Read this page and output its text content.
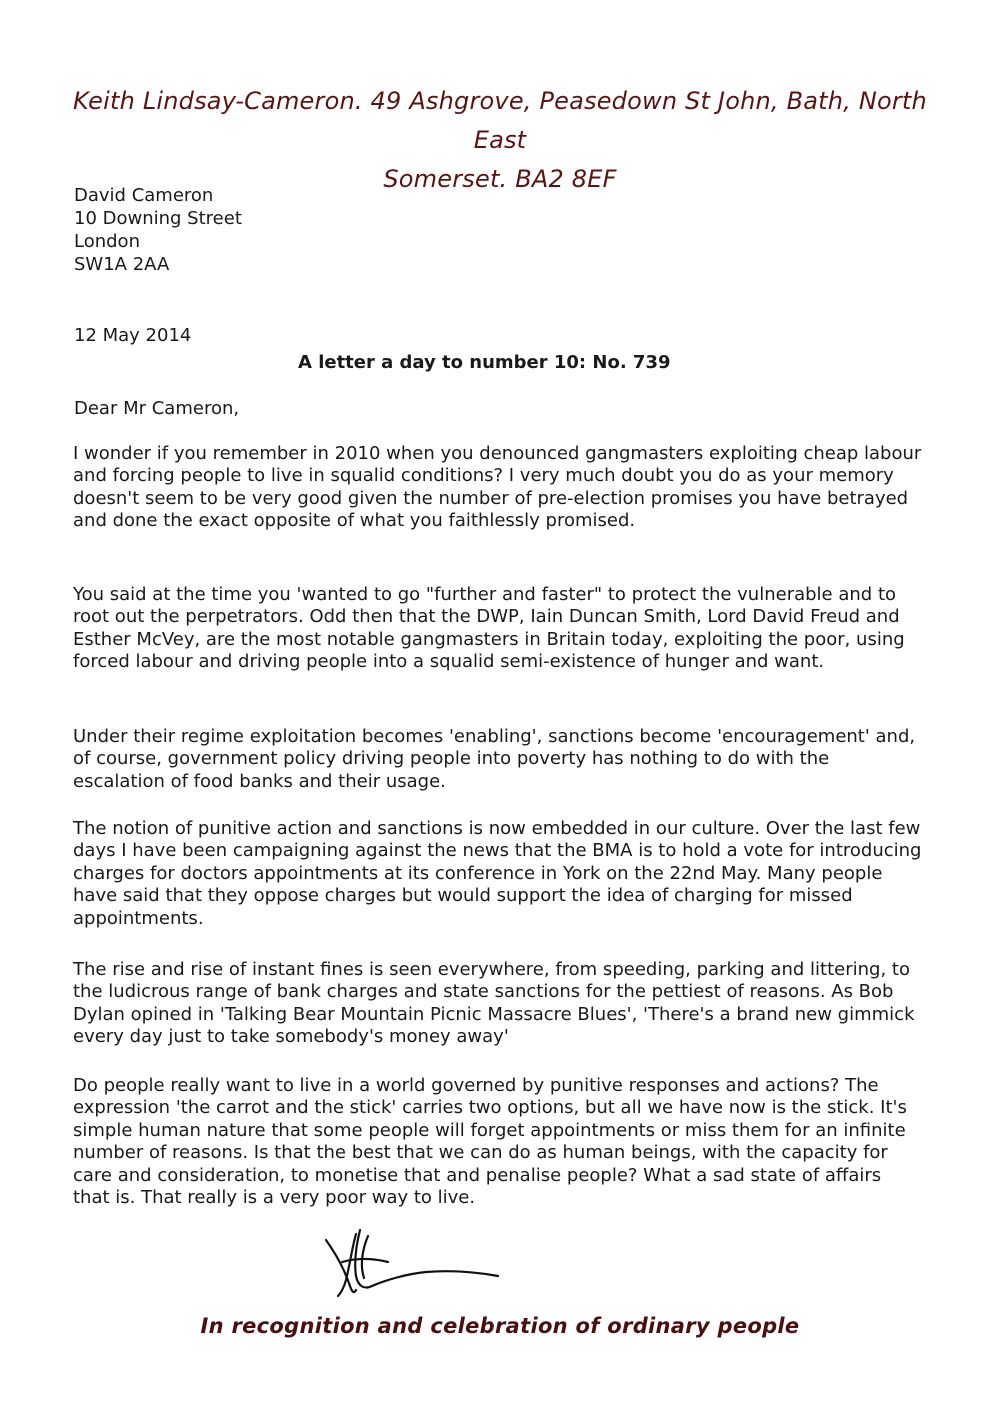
Keith Lindsay-Cameron. 49 Ashgrove, Peasedown St John, Bath, North East
Somerset. BA2 8EF
David Cameron
10 Downing Street
London
SW1A 2AA
12 May 2014
A letter a day to number 10: No. 739
Dear Mr Cameron,
I wonder if you remember in 2010 when you denounced gangmasters exploiting cheap labour and forcing people to live in squalid conditions? I very much doubt you do as your memory doesn't seem to be very good given the number of pre-election promises you have betrayed and done the exact opposite of what you faithlessly promised.
You said at the time you 'wanted to go "further and faster" to protect the vulnerable and to root out the perpetrators. Odd then that the DWP, Iain Duncan Smith, Lord David Freud and Esther McVey, are the most notable gangmasters in Britain today, exploiting the poor, using forced labour and driving people into a squalid semi-existence of hunger and want.
Under their regime exploitation becomes 'enabling', sanctions become 'encouragement' and, of course, government policy driving people into poverty has nothing to do with the escalation of food banks and their usage.
The notion of punitive action and sanctions is now embedded in our culture. Over the last few days I have been campaigning against the news that the BMA is to hold a vote for introducing charges for doctors appointments at its conference in York on the 22nd May. Many people have said that they oppose charges but would support the idea of charging for missed appointments.
The rise and rise of instant fines is seen everywhere, from speeding, parking and littering, to the ludicrous range of bank charges and state sanctions for the pettiest of reasons. As Bob Dylan opined in 'Talking Bear Mountain Picnic Massacre Blues', 'There's a brand new gimmick every day just to take somebody's money away'
Do people really want to live in a world governed by punitive responses and actions? The expression 'the carrot and the stick' carries two options, but all we have now is the stick. It's simple human nature that some people will forget appointments or miss them for an infinite number of reasons. Is that the best that we can do as human beings, with the capacity for care and consideration, to monetise that and penalise people? What a sad state of affairs that is. That really is a very poor way to live.
In recognition and celebration of ordinary people
